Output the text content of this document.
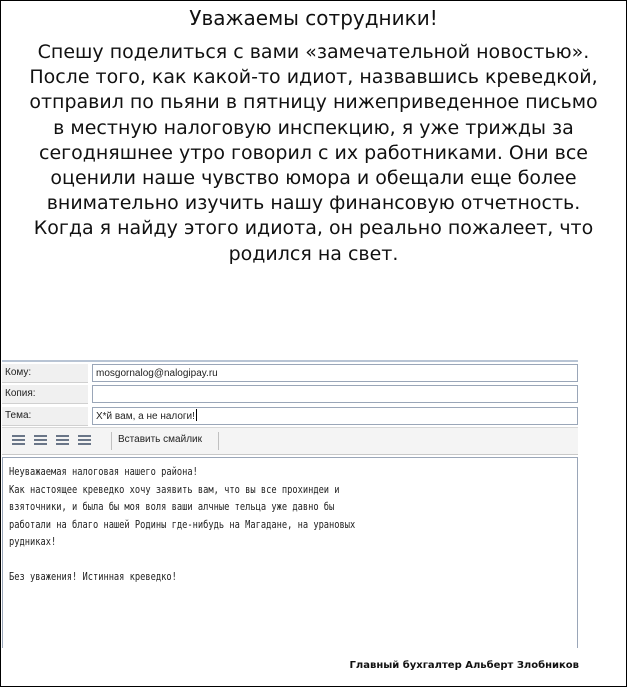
Уважаемы сотрудники!
Спешу поделиться с вами «замечательной новостью».
После того, как какой-то идиот, назвавшись креведкой,
отправил по пьяни в пятницу нижеприведенное письмо
в местную налоговую инспекцию, я уже трижды за
сегодняшнее утро говорил с их работниками. Они все
оценили наше чувство юмора и обещали еще более
внимательно изучить нашу финансовую отчетность.
Когда я найду этого идиота, он реально пожалеет, что
родился на свет.
Кому:	mosgornalog@nalogipay.ru
Копия:
Тема:	Х*й вам, а не налоги!
Вставить смайлик
Неуважаемая налоговая нашего района!
Как настоящее креведко хочу заявить вам, что вы все прохиндеи и
взяточники, и была бы моя воля ваши алчные тельца уже давно бы
работали на благо нашей Родины где-нибудь на Магадане, на урановых
рудниках!
Без уважения! Истинная креведко!
Главный бухгалтер Альберт Злобников
